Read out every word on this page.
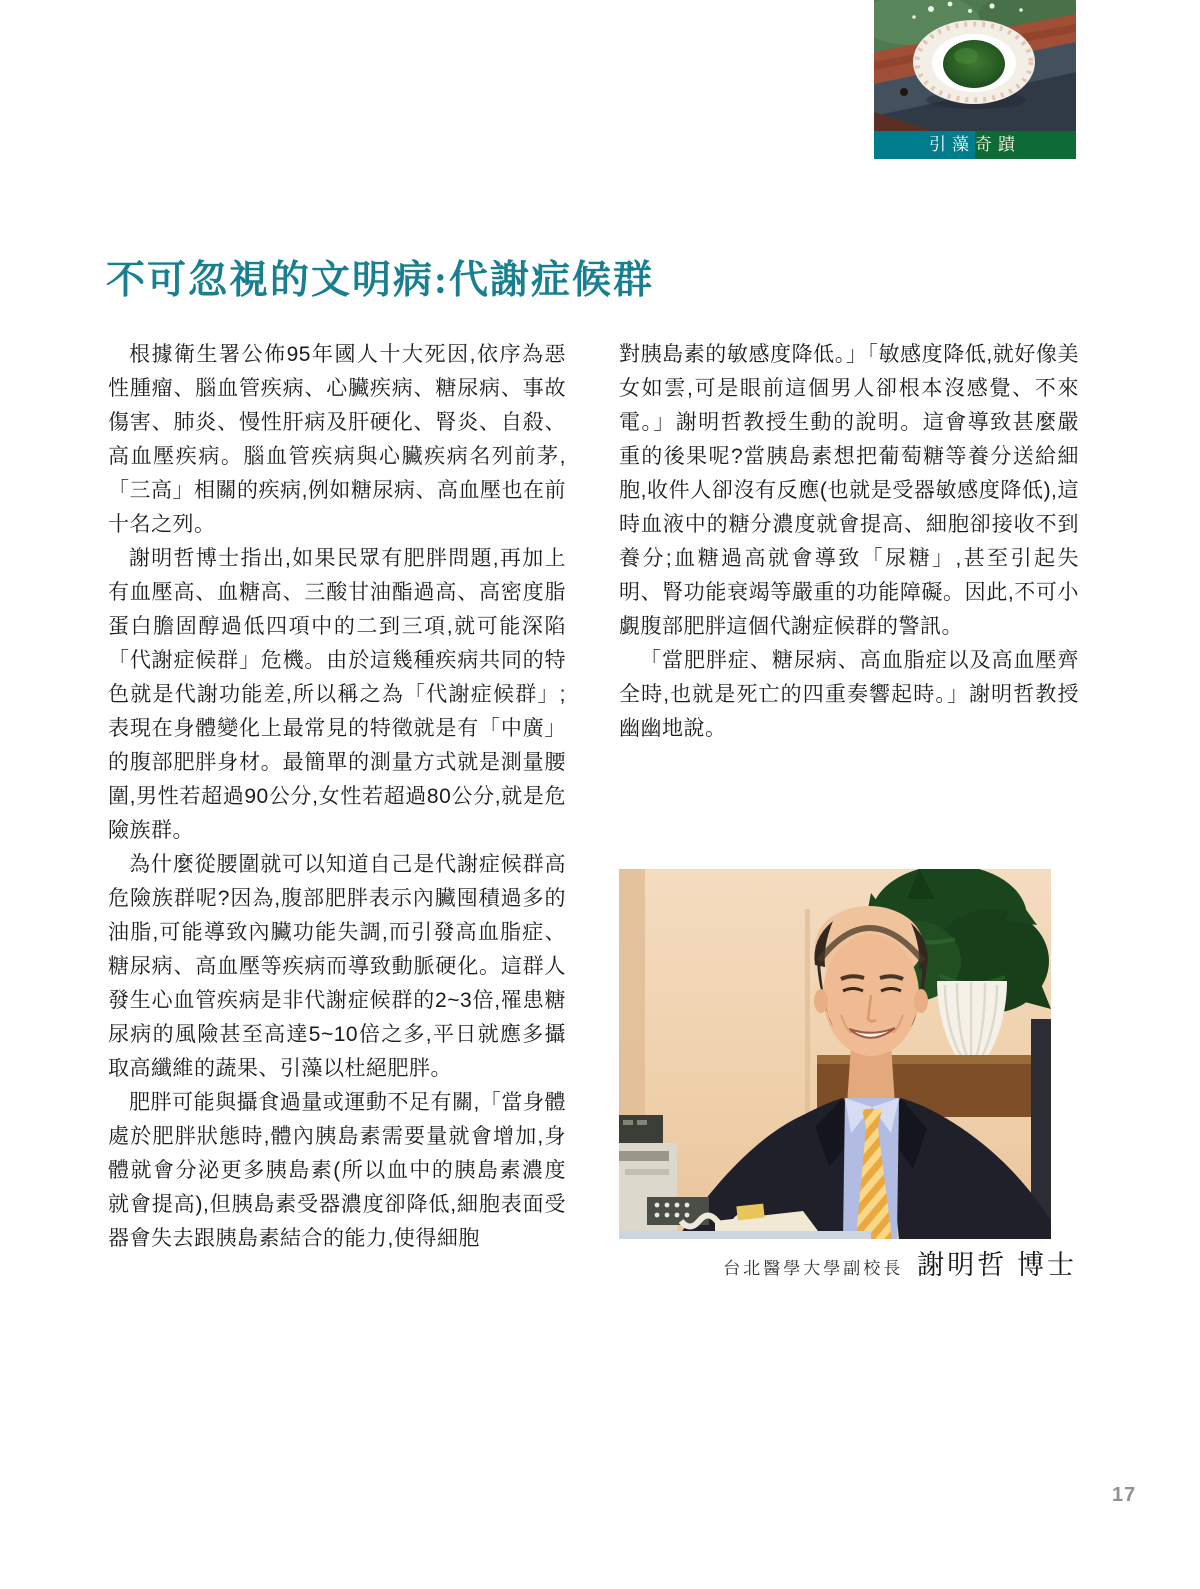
引藻 奇蹟
不可忽視的文明病:代謝症候群

根據衛生署公佈95年國人十大死因,依序為惡性腫瘤、腦血管疾病、心臟疾病、糖尿病、事故傷害、肺炎、慢性肝病及肝硬化、腎炎、自殺、高血壓疾病。腦血管疾病與心臟疾病名列前茅,「三高」相關的疾病,例如糖尿病、高血壓也在前十名之列。

謝明哲博士指出,如果民眾有肥胖問題,再加上有血壓高、血糖高、三酸甘油酯過高、高密度脂蛋白膽固醇過低四項中的二到三項,就可能深陷「代謝症候群」危機。由於這幾種疾病共同的特色就是代謝功能差,所以稱之為「代謝症候群」;表現在身體變化上最常見的特徵就是有「中廣」的腹部肥胖身材。最簡單的測量方式就是測量腰圍,男性若超過90公分,女性若超過80公分,就是危險族群。

為什麼從腰圍就可以知道自己是代謝症候群高危險族群呢?因為,腹部肥胖表示內臟囤積過多的油脂,可能導致內臟功能失調,而引發高血脂症、糖尿病、高血壓等疾病而導致動脈硬化。這群人發生心血管疾病是非代謝症候群的2~3倍,罹患糖尿病的風險甚至高達5~10倍之多,平日就應多攝取高纖維的蔬果、引藻以杜絕肥胖。

肥胖可能與攝食過量或運動不足有關,「當身體處於肥胖狀態時,體內胰島素需要量就會增加,身體就會分泌更多胰島素(所以血中的胰島素濃度就會提高),但胰島素受器濃度卻降低,細胞表面受器會失去跟胰島素結合的能力,使得細胞

對胰島素的敏感度降低。」「敏感度降低,就好像美女如雲,可是眼前這個男人卻根本沒感覺、不來電。」謝明哲教授生動的說明。這會導致甚麼嚴重的後果呢?當胰島素想把葡萄糖等養分送給細胞,收件人卻沒有反應(也就是受器敏感度降低),這時血液中的糖分濃度就會提高、細胞卻接收不到養分;血糖過高就會導致「尿糖」,甚至引起失明、腎功能衰竭等嚴重的功能障礙。因此,不可小覷腹部肥胖這個代謝症候群的警訊。

「當肥胖症、糖尿病、高血脂症以及高血壓齊全時,也就是死亡的四重奏響起時。」謝明哲教授幽幽地說。

台北醫學大學副校長 謝明哲 博士
17
